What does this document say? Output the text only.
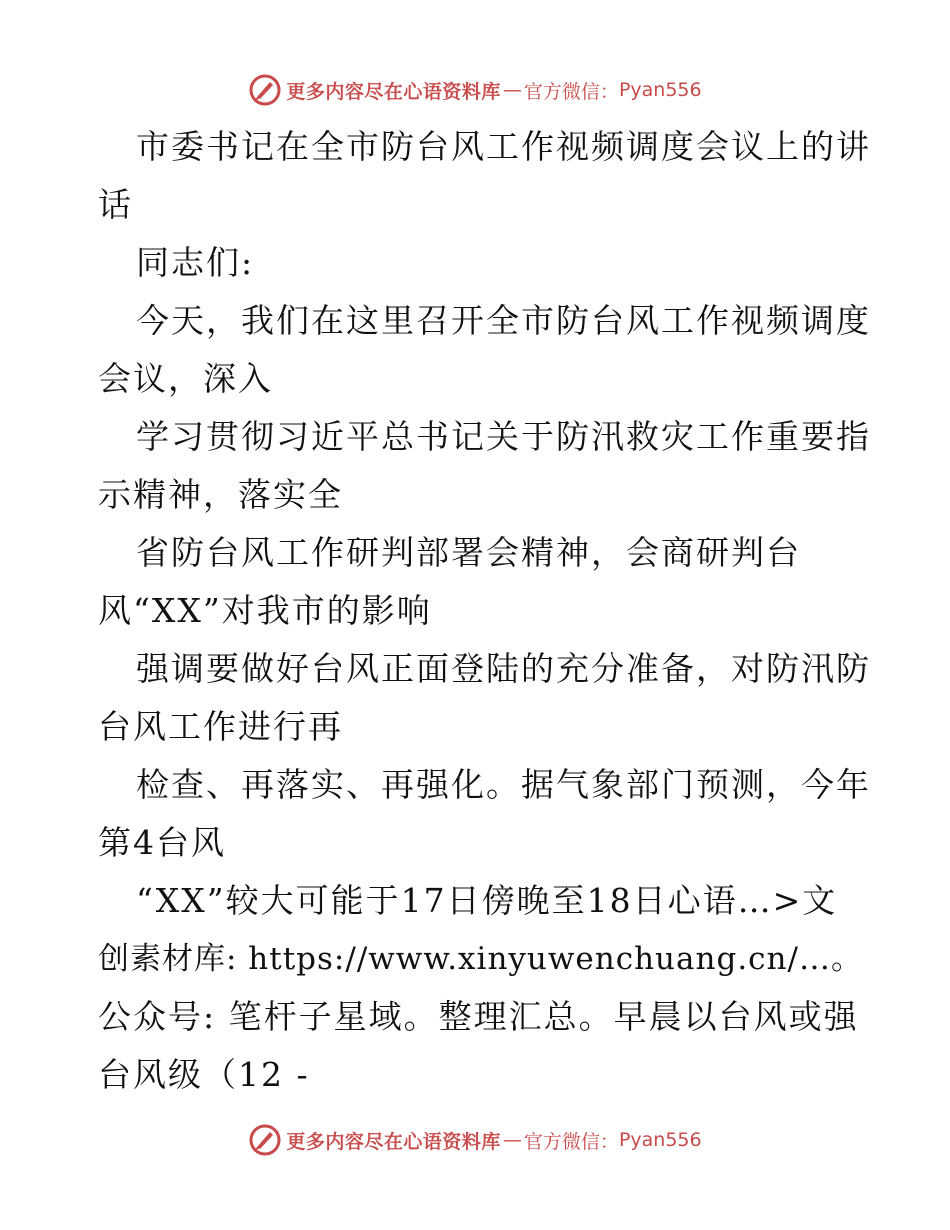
更多内容尽在心语资料库 — 官方微信： Pyan556
市委书记在全市防台风工作视频调度会议上的讲
话
同志们:
今天，我们在这里召开全市防台风工作视频调度
会议，深入
学习贯彻习近平总书记关于防汛救灾工作重要指
示精神，落实全
省防台风工作研判部署会精神，会商研判台
风“XX”对我市的影响
强调要做好台风正面登陆的充分准备，对防汛防
台风工作进行再
检查、再落实、再强化。据气象部门预测，今年
第4台风
“XX”较大可能于17日傍晚至18日心语…>文
创素材库: https://www.xinyuwenchuang.cn/…。
公众号: 笔杆子星域。整理汇总。早晨以台风或强
台风级（12 -
更多内容尽在心语资料库 — 官方微信： Pyan556
